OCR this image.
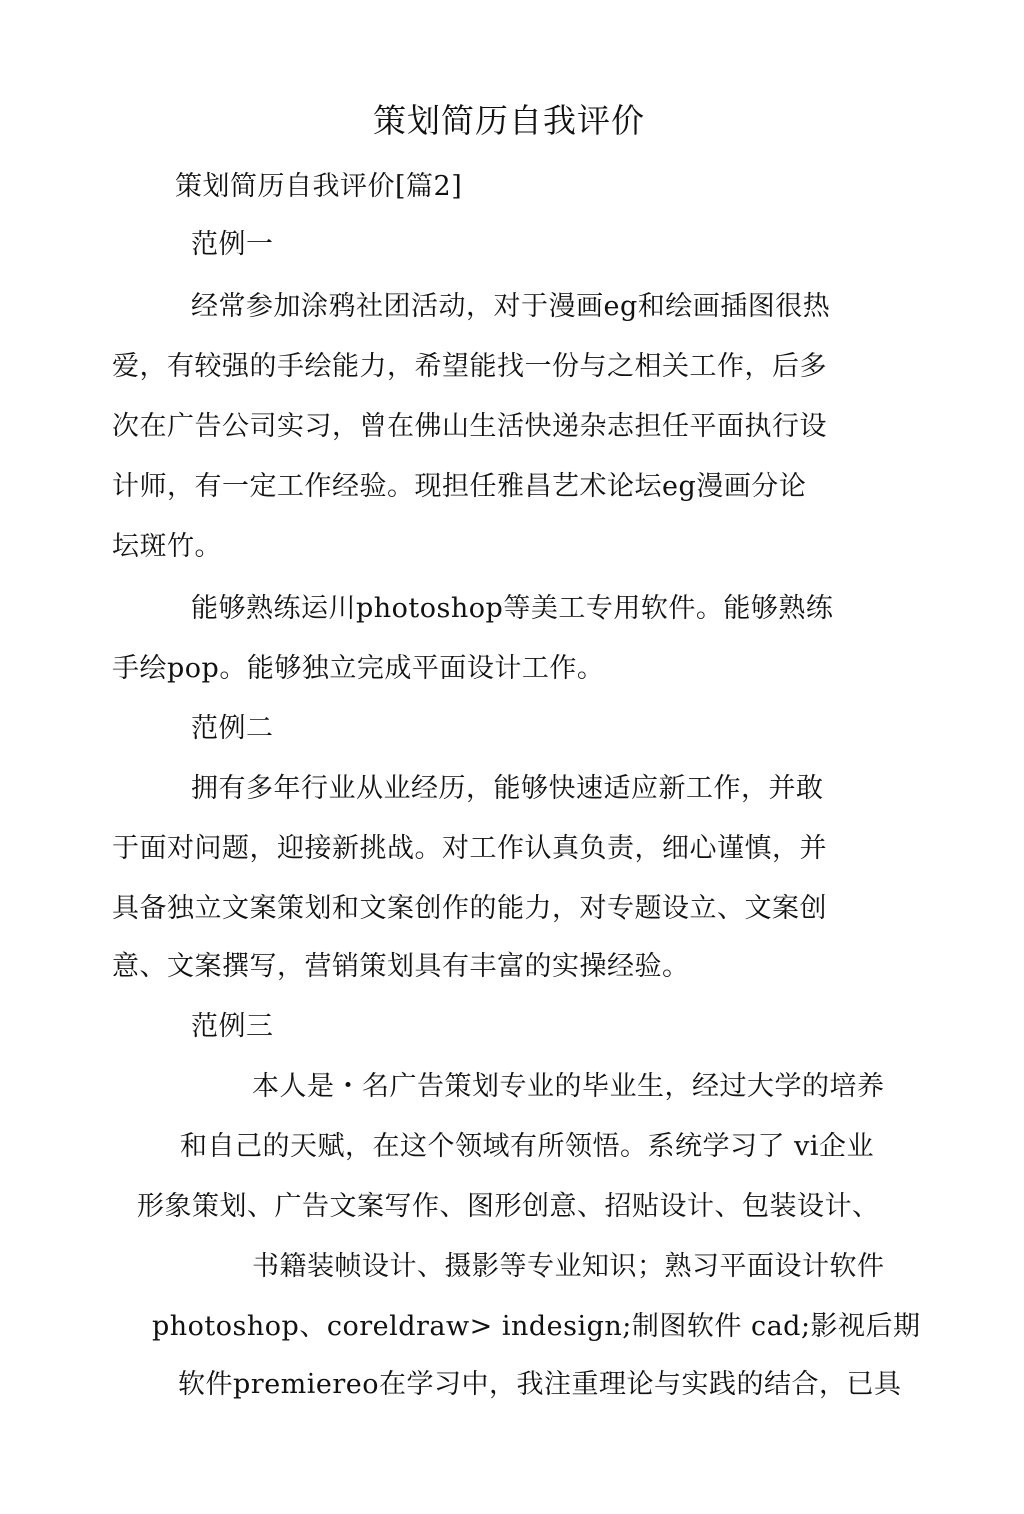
策划简历自我评价
策划简历自我评价[篇2]
范例一
经常参加涂鸦社团活动，对于漫画eg和绘画插图很热
爱，有较强的手绘能力，希望能找一份与之相关工作，后多
次在广告公司实习，曾在佛山生活快递杂志担任平面执行设
计师，有一定工作经验。现担任雅昌艺术论坛eg漫画分论
坛斑竹。
能够熟练运川photoshop等美工专用软件。能够熟练
手绘pop。能够独立完成平面设计工作。
范例二
拥有多年行业从业经历，能够快速适应新工作，并敢
于面对问题，迎接新挑战。对工作认真负责，细心谨慎，并
具备独立文案策划和文案创作的能力，对专题设立、文案创
意、文案撰写，营销策划具有丰富的实操经验。
范例三
本人是・名广告策划专业的毕业生，经过大学的培养
和自己的天赋，在这个领域有所领悟。系统学习了 vi企业
形象策划、广告文案写作、图形创意、招贴设计、包装设计、
书籍装帧设计、摄影等专业知识；熟习平面设计软件
photoshop、coreldraw> indesign;制图软件 cad;影视后期
软件premiereo在学习中，我注重理论与实践的结合，已具
